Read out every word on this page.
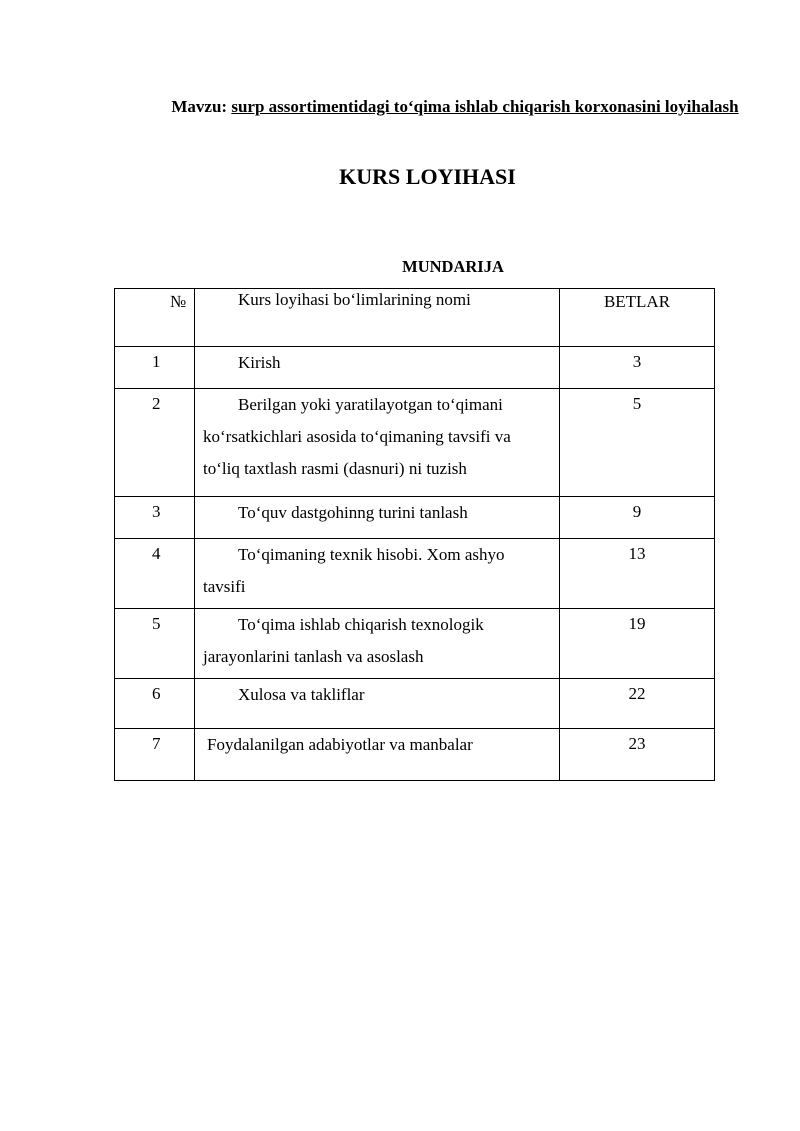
Mavzu: surp assortimentidagi to‘qima ishlab chiqarish korxonasini loyihalash
KURS LOYIHASI
MUNDARIJA
№	Kurs loyihasi bo‘limlarining nomi	BETLAR
1	Kirish	3
2	Berilgan yoki yaratilayotgan to‘qimani ko‘rsatkichlari asosida to‘qimaning tavsifi va to‘liq taxtlash rasmi (dasnuri) ni tuzish	5
3	To‘quv dastgohinng turini tanlash	9
4	To‘qimaning texnik hisobi. Xom ashyo tavsifi	13
5	To‘qima ishlab chiqarish texnologik jarayonlarini tanlash va asoslash	19
6	Xulosa va takliflar	22
7	Foydalanilgan adabiyotlar va manbalar	23
